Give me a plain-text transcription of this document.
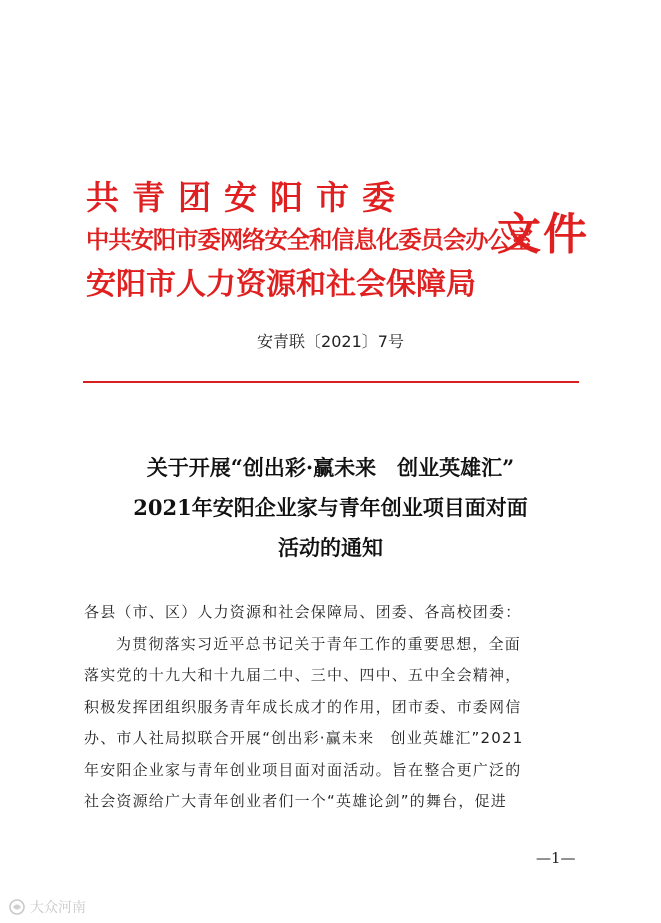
共青团安阳市委
中共安阳市委网络安全和信息化委员会办公室
安阳市人力资源和社会保障局
文件
安青联〔2021〕7号
关于开展“创出彩·赢未来　创业英雄汇”
2021年安阳企业家与青年创业项目面对面
活动的通知
各县（市、区）人力资源和社会保障局、团委、各高校团委：
为贯彻落实习近平总书记关于青年工作的重要思想，全面
落实党的十九大和十九届二中、三中、四中、五中全会精神，
积极发挥团组织服务青年成长成才的作用，团市委、市委网信
办、市人社局拟联合开展“创出彩·赢未来　创业英雄汇”2021
年安阳企业家与青年创业项目面对面活动。旨在整合更广泛的
社会资源给广大青年创业者们一个“英雄论剑”的舞台，促进
—1—
大众河南
